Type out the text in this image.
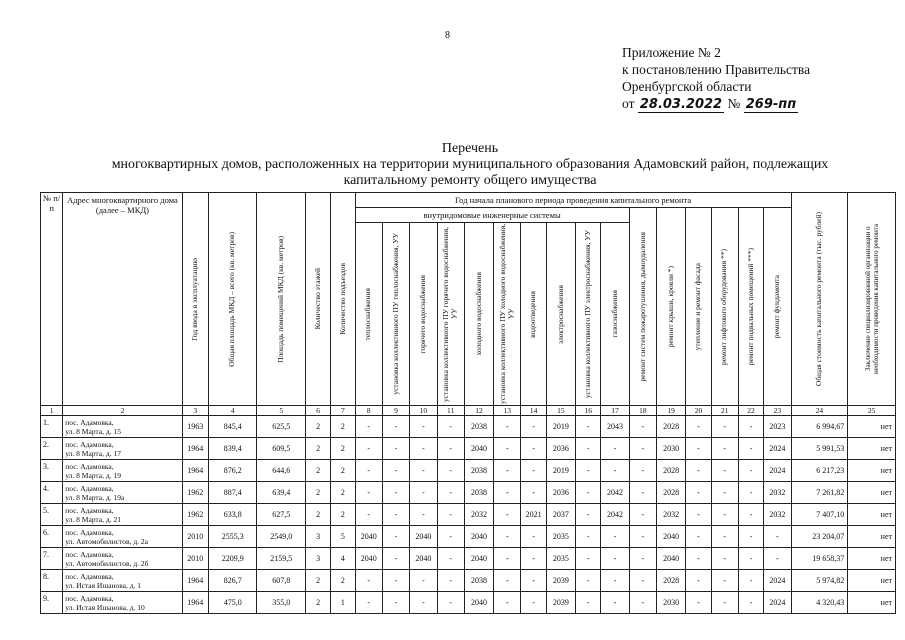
8
Приложение № 2
к постановлению Правительства
Оренбургской области
от 28.03.2022 № 269-пп
Перечень
многоквартирных домов, расположенных на территории муниципального образования Адамовский район, подлежащих
капитальному ремонту общего имущества
№ п/п	Адрес многоквартирного дома (далее – МКД)	Год ввода в эксплуатацию	Общая площадь МКД – всего (кв. метров)	Площадь помещений МКД (кв. метров)	Количество этажей	Количество подъездов	Год начала планового периода проведения капитального ремонта																Общая стоимость капитального ремонта (тыс. рублей)	Заключение специализированной организации о необходимости проведения капитального ремонта

							внутридомовые инженерные системы										ремонт систем пожаротушения, дымоудаления	ремонт крыши, кровли *)	утепление и ремонт фасада	ремонт лифтового оборудования **)	ремонт подвальных помещений ***)	ремонт фундамента		

							теплоснабжения	установка коллективного ПУ теплоснабжения, УУ	горячего водоснабжения	установка коллективного ПУ горячего водоснабжения, УУ	холодного водоснабжения	установка коллективного ПУ холодного водоснабжения, УУ	водоотведения	электроснабжения	установка коллективного ПУ электроснабжения, УУ	газоснабжения								

1	2	3	4	5	6	7	8	9	10	11	12	13	14	15	16	17	18	19	20	21	22	23	24	25
1.	пос. Адамовка,
ул. 8 Марта, д. 15	1963	845,4	625,5	2	2	-	-	-	-	2038	-	-	2019	-	2043	-	2028	-	-	-	2023	6 994,67	нет
2.	пос. Адамовка,
ул. 8 Марта, д. 17	1964	839,4	609,5	2	2	-	-	-	-	2040	-	-	2036	-	-	-	2030	-	-	-	2024	5 991,53	нет
3.	пос. Адамовка,
ул. 8 Марта, д. 19	1964	876,2	644,6	2	2	-	-	-	-	2038	-	-	2019	-	-	-	2028	-	-	-	2024	6 217,23	нет
4.	пос. Адамовка,
ул. 8 Марта, д. 19а	1962	887,4	639,4	2	2	-	-	-	-	2038	-	-	2036	-	2042	-	2028	-	-	-	2032	7 261,82	нет
5.	пос. Адамовка,
ул. 8 Марта, д. 21	1962	633,8	627,5	2	2	-	-	-	-	2032	-	2021	2037	-	2042	-	2032	-	-	-	2032	7 407,10	нет
6.	пос. Адамовка,
ул. Автомобилистов, д. 2а	2010	2555,3	2549,0	3	5	2040	-	2040	-	2040	-	-	2035	-	-	-	2040	-	-	-	-	23 204,07	нет
7.	пос. Адамовка,
ул. Автомобилистов, д. 2б	2010	2209,9	2159,5	3	4	2040	-	2040	-	2040	-	-	2035	-	-	-	2040	-	-	-	-	19 658,37	нет
8.	пос. Адамовка,
ул. Истая Ишанова, д. 1	1964	826,7	607,8	2	2	-	-	-	-	2038	-	-	2039	-	-	-	2028	-	-	-	2024	5 974,82	нет
9.	пос. Адамовка,
ул. Истая Ишанова, д. 10	1964	475,0	355,0	2	1	-	-	-	-	2040	-	-	2039	-	-	-	2030	-	-	-	2024	4 320,43	нет
